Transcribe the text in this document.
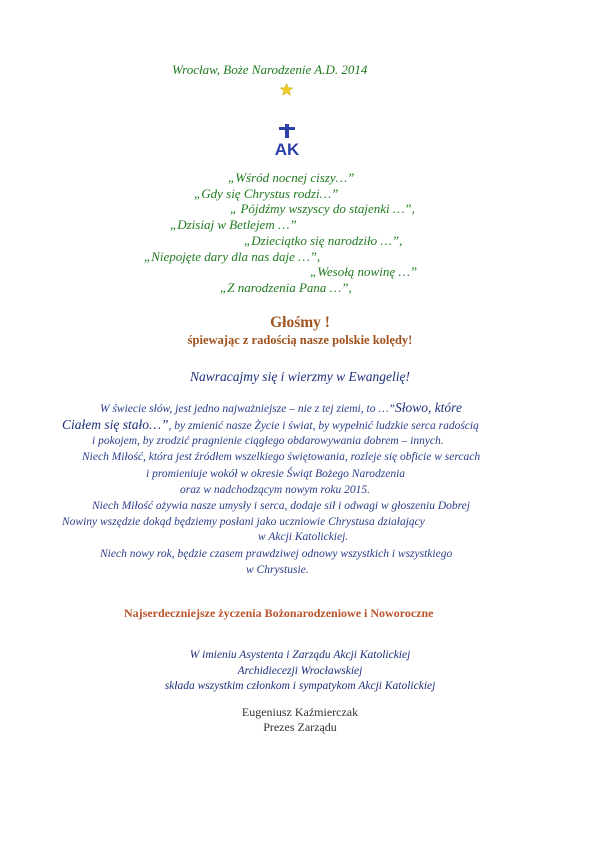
Wrocław, Boże Narodzenie A.D. 2014
AK
„Wśród nocnej ciszy…”
„Gdy się Chrystus rodzi…”
„ Pójdźmy wszyscy do stajenki …”,
„Dzisiaj w Betlejem …”
„Dzieciątko się narodziło …”,
„Niepojęte dary dla nas daje …”,
„Wesołą nowinę …”
„Z narodzenia Pana …”,
Głośmy !
śpiewając z radością nasze polskie kolędy!
Nawracajmy się i wierzmy w Ewangelię!
W świecie słów, jest jedno najważniejsze – nie z tej ziemi, to …”Słowo, które
Ciałem się stało…”, by zmienić nasze Życie i świat, by wypełnić ludzkie serca radością
i pokojem, by zrodzić pragnienie ciągłego obdarowywania dobrem – innych.
Niech Miłość, która jest źródłem wszelkiego świętowania, rozleje się obficie w sercach
i promieniuje wokół w okresie Świąt Bożego Narodzenia
oraz w nadchodzącym nowym roku 2015.
Niech Miłość ożywia nasze umysły i serca, dodaje sił i odwagi w głoszeniu Dobrej
Nowiny wszędzie dokąd będziemy posłani jako uczniowie Chrystusa działający
w Akcji Katolickiej.
Niech nowy rok, będzie czasem prawdziwej odnowy wszystkich i wszystkiego
w Chrystusie.
Najserdeczniejsze życzenia Bożonarodzeniowe i Noworoczne
W imieniu Asystenta i Zarządu Akcji Katolickiej
Archidiecezji Wrocławskiej
składa wszystkim członkom i sympatykom Akcji Katolickiej
Eugeniusz Kaźmierczak
Prezes Zarządu
